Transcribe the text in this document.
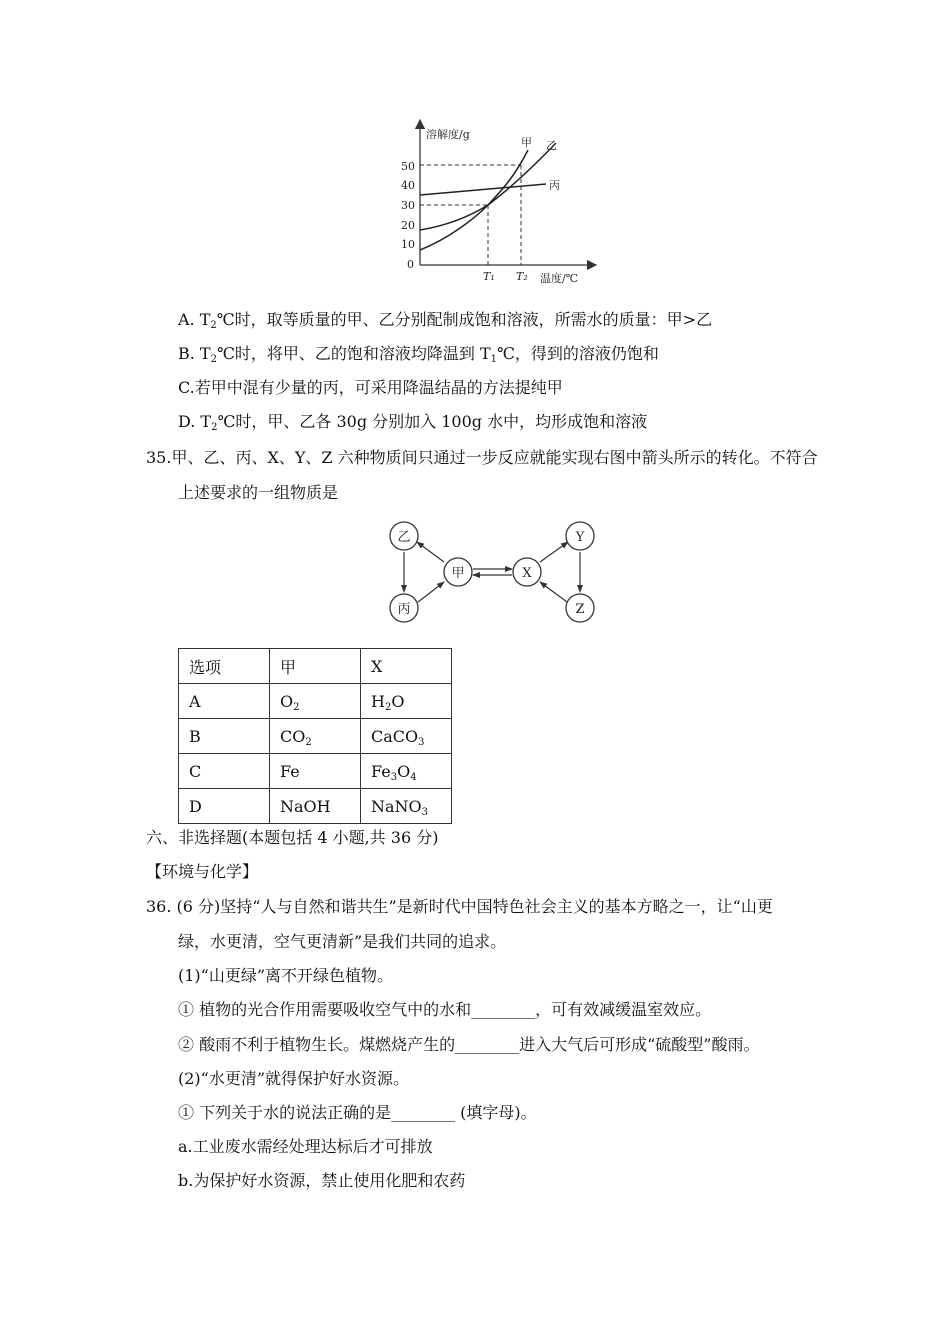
溶解度/g
温度/℃
0
10
20
30
40
50
T₁ T₂
甲 乙
丙
A. $T_2℃$时，取等质量的甲、乙分别配制成饱和溶液，所需水的质量：甲>乙
B. $T_2℃$时，将甲、乙的饱和溶液均降温到 $T_1℃$，得到的溶液仍饱和
C.若甲中混有少量的丙，可采用降温结晶的方法提纯甲
D. $T_2℃$时，甲、乙各 30g 分别加入 100g 水中，均形成饱和溶液
35.甲、乙、丙、X、Y、Z 六种物质间只通过一步反应就能实现右图中箭头所示的转化。不符合
上述要求的一组物质是
乙
丙
甲	X
Y
Z
选项	甲	X
A	$O_2$	$H_2O$
B	$CO_2$	CaCO$_3$
C	Fe	$Fe_3O_4$
D	NaOH	NaNO$_3$
六、非选择题(本题包括 4 小题,共 36 分)
【环境与化学】
36. (6 分)坚持“人与自然和谐共生”是新时代中国特色社会主义的基本方略之一，让“山更
绿，水更清，空气更清新”是我们共同的追求。
(1)“山更绿”离不开绿色植物。
① 植物的光合作用需要吸收空气中的水和________，可有效减缓温室效应。
② 酸雨不利于植物生长。煤燃烧产生的________进入大气后可形成“硫酸型”酸雨。
(2)“水更清”就得保护好水资源。
① 下列关于水的说法正确的是________ (填字母)。
a.工业废水需经处理达标后才可排放
b.为保护好水资源，禁止使用化肥和农药
